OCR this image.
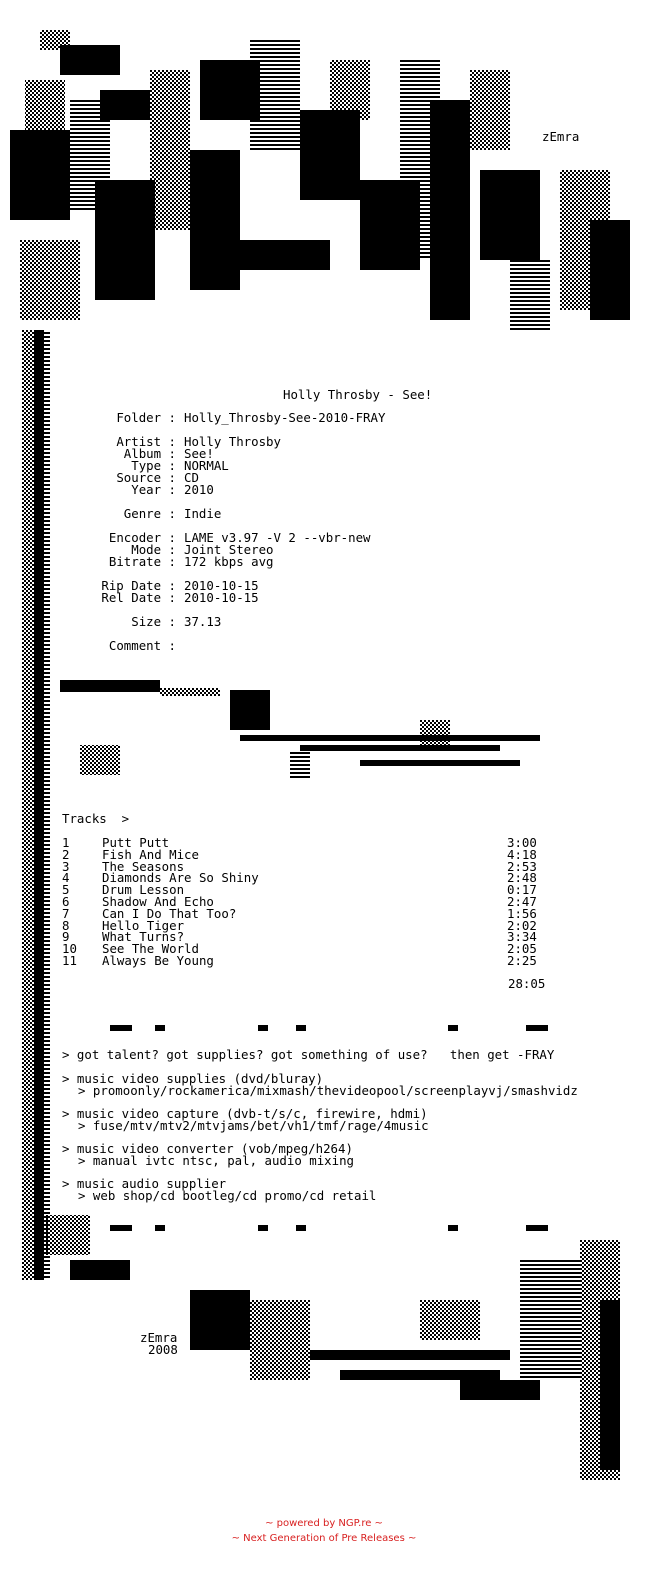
zEmra
Holly Throsby - See!
Folder : Holly_Throsby-See-2010-FRAY
Artist : Holly Throsby
Album : See!
Type : NORMAL
Source : CD
Year : 2010
Genre : Indie
Encoder : LAME v3.97 -V 2 --vbr-new
Mode : Joint Stereo
Bitrate : 172 kbps avg
Rip Date : 2010-10-15
Rel Date : 2010-10-15
Size : 37.13
Comment :
Tracks  >
1	Putt Putt	3:00
2	Fish And Mice	4:18
3	The Seasons	2:53
4	Diamonds Are So Shiny	2:48
5	Drum Lesson	0:17
6	Shadow And Echo	2:47
7	Can I Do That Too?	1:56
8	Hello Tiger	2:02
9	What Turns?	3:34
10 See The World	2:05
11 Always Be Young	2:25
28:05
> got talent? got supplies? got something of use?   then get -FRAY
> music video supplies (dvd/bluray)
> promoonly/rockamerica/mixmash/thevideopool/screenplayvj/smashvidz
> music video capture (dvb-t/s/c, firewire, hdmi)
> fuse/mtv/mtv2/mtvjams/bet/vh1/tmf/rage/4music
> music video converter (vob/mpeg/h264)
> manual ivtc ntsc, pal, audio mixing
> music audio supplier
> web shop/cd bootleg/cd promo/cd retail
zEmra
2008
~ powered by NGP.re ~
~ Next Generation of Pre Releases ~
